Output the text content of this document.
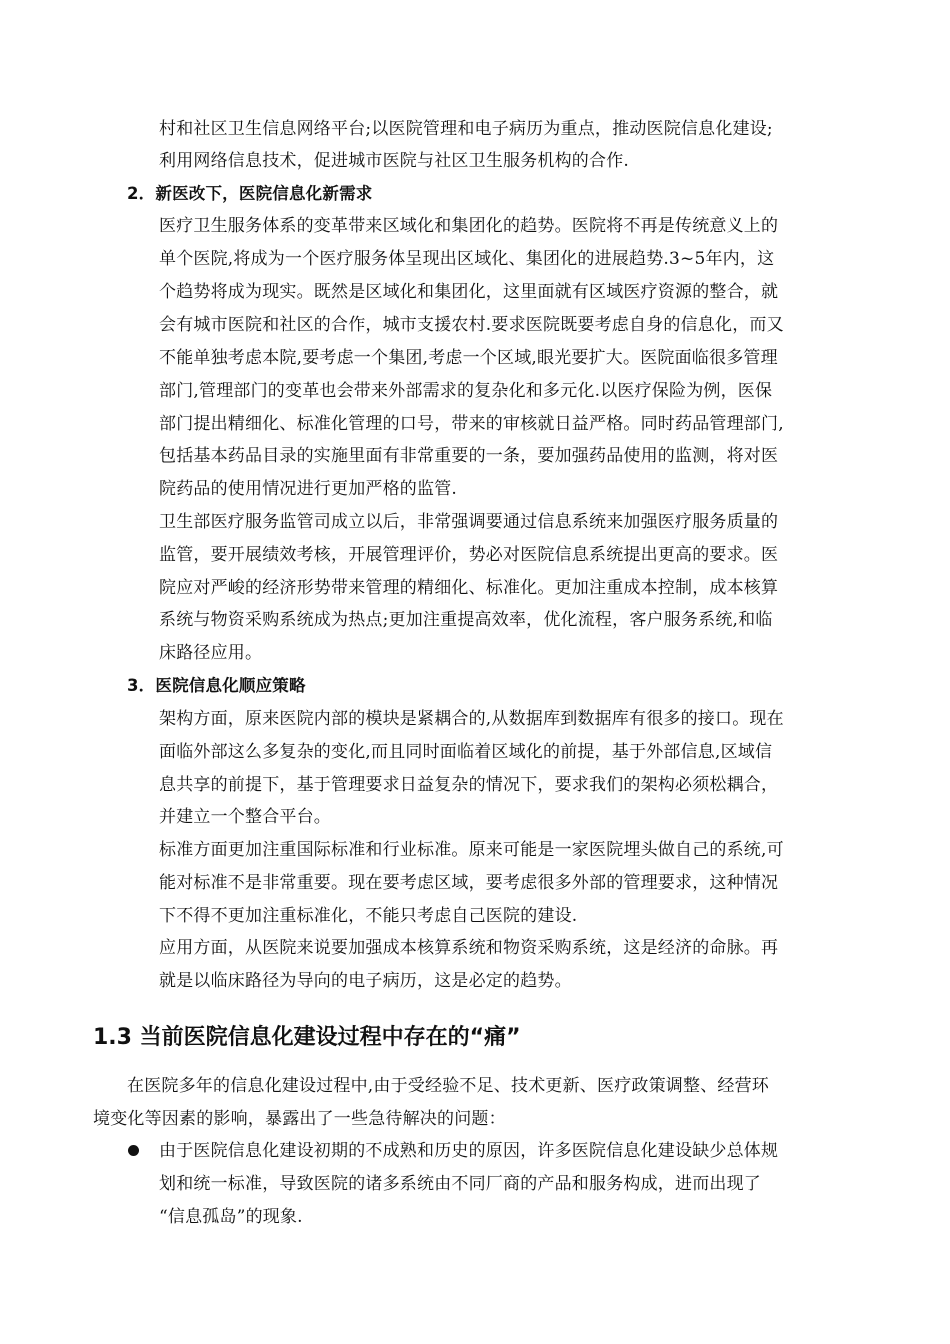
村和社区卫生信息网络平台;以医院管理和电子病历为重点，推动医院信息化建设;

利用网络信息技术，促进城市医院与社区卫生服务机构的合作.

2．新医改下，医院信息化新需求

医疗卫生服务体系的变革带来区域化和集团化的趋势。医院将不再是传统意义上的

单个医院,将成为一个医疗服务体呈现出区域化、集团化的进展趋势.3~5年内，这

个趋势将成为现实。既然是区域化和集团化，这里面就有区域医疗资源的整合，就

会有城市医院和社区的合作，城市支援农村.要求医院既要考虑自身的信息化，而又

不能单独考虑本院,要考虑一个集团,考虑一个区域,眼光要扩大。医院面临很多管理

部门,管理部门的变革也会带来外部需求的复杂化和多元化.以医疗保险为例，医保

部门提出精细化、标准化管理的口号，带来的审核就日益严格。同时药品管理部门,

包括基本药品目录的实施里面有非常重要的一条，要加强药品使用的监测，将对医

院药品的使用情况进行更加严格的监管.

卫生部医疗服务监管司成立以后，非常强调要通过信息系统来加强医疗服务质量的

监管，要开展绩效考核，开展管理评价，势必对医院信息系统提出更高的要求。医

院应对严峻的经济形势带来管理的精细化、标准化。更加注重成本控制，成本核算

系统与物资采购系统成为热点;更加注重提高效率，优化流程，客户服务系统,和临

床路径应用。

3．医院信息化顺应策略

架构方面，原来医院内部的模块是紧耦合的,从数据库到数据库有很多的接口。现在

面临外部这么多复杂的变化,而且同时面临着区域化的前提，基于外部信息,区域信

息共享的前提下，基于管理要求日益复杂的情况下，要求我们的架构必须松耦合，

并建立一个整合平台。

标准方面更加注重国际标准和行业标准。原来可能是一家医院埋头做自己的系统,可

能对标准不是非常重要。现在要考虑区域，要考虑很多外部的管理要求，这种情况

下不得不更加注重标准化，不能只考虑自己医院的建设.

应用方面，从医院来说要加强成本核算系统和物资采购系统，这是经济的命脉。再

就是以临床路径为导向的电子病历，这是必定的趋势。

1.3 当前医院信息化建设过程中存在的“痛”

在医院多年的信息化建设过程中,由于受经验不足、技术更新、医疗政策调整、经营环

境变化等因素的影响，暴露出了一些急待解决的问题：

由于医院信息化建设初期的不成熟和历史的原因，许多医院信息化建设缺少总体规

划和统一标准，导致医院的诸多系统由不同厂商的产品和服务构成，进而出现了

“信息孤岛”的现象.
